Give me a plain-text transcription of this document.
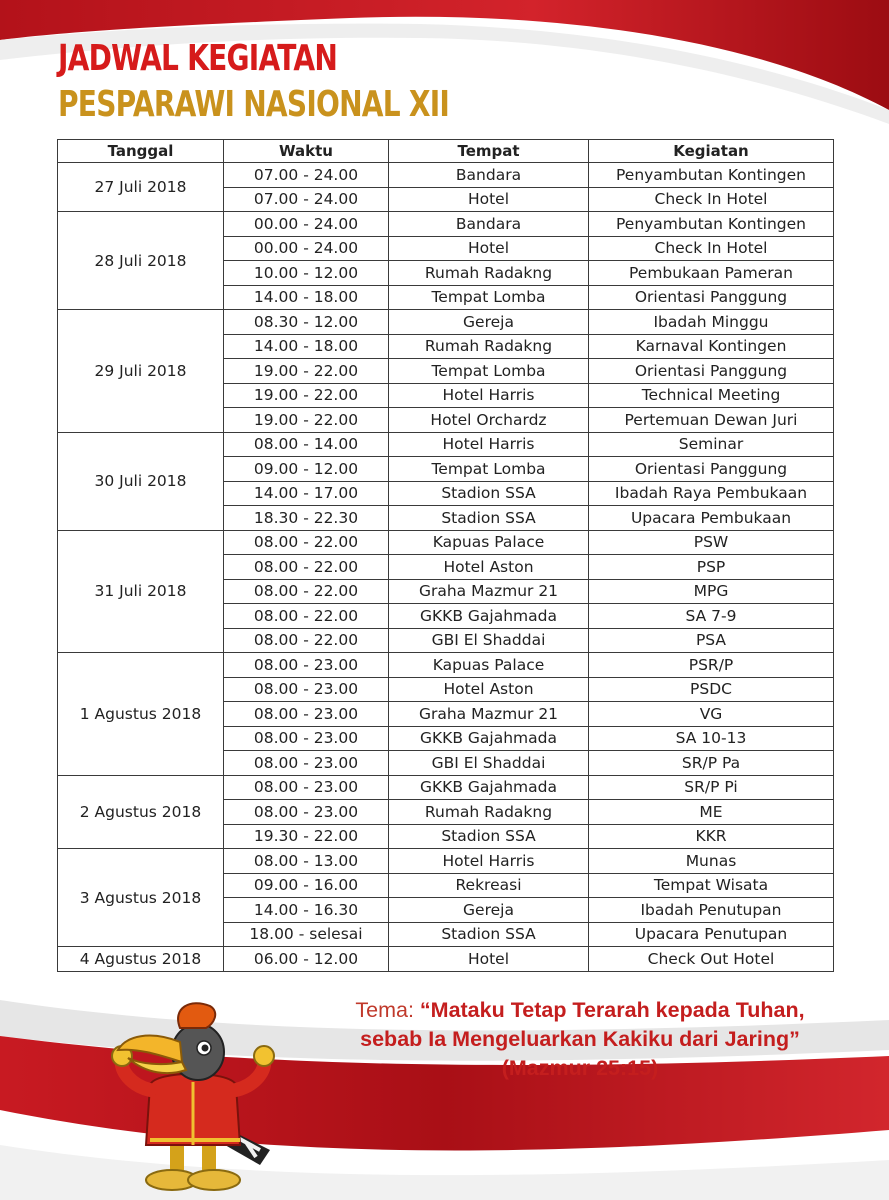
JADWAL KEGIATAN
PESPARAWI NASIONAL XII
Tanggal	Waktu	Tempat	Kegiatan
27 Juli 2018	07.00 - 24.00	Bandara	Penyambutan Kontingen
	07.00 - 24.00	Hotel	Check In Hotel
28 Juli 2018	00.00 - 24.00	Bandara	Penyambutan Kontingen
	00.00 - 24.00	Hotel	Check In Hotel
	10.00 - 12.00	Rumah Radakng	Pembukaan Pameran
	14.00 - 18.00	Tempat Lomba	Orientasi Panggung
29 Juli 2018	08.30 - 12.00	Gereja	Ibadah Minggu
	14.00 - 18.00	Rumah Radakng	Karnaval Kontingen
	19.00 - 22.00	Tempat Lomba	Orientasi Panggung
	19.00 - 22.00	Hotel Harris	Technical Meeting
	19.00 - 22.00	Hotel Orchardz	Pertemuan Dewan Juri
30 Juli 2018	08.00 - 14.00	Hotel Harris	Seminar
	09.00 - 12.00	Tempat Lomba	Orientasi Panggung
	14.00 - 17.00	Stadion SSA	Ibadah Raya Pembukaan
	18.30 - 22.30	Stadion SSA	Upacara Pembukaan
31 Juli 2018	08.00 - 22.00	Kapuas Palace	PSW
	08.00 - 22.00	Hotel Aston	PSP
	08.00 - 22.00	Graha Mazmur 21	MPG
	08.00 - 22.00	GKKB Gajahmada	SA 7-9
	08.00 - 22.00	GBI El Shaddai	PSA
1 Agustus 2018	08.00 - 23.00	Kapuas Palace	PSR/P
	08.00 - 23.00	Hotel Aston	PSDC
	08.00 - 23.00	Graha Mazmur 21	VG
	08.00 - 23.00	GKKB Gajahmada	SA 10-13
	08.00 - 23.00	GBI El Shaddai	SR/P Pa
2 Agustus 2018	08.00 - 23.00	GKKB Gajahmada	SR/P Pi
	08.00 - 23.00	Rumah Radakng	ME
	19.30 - 22.00	Stadion SSA	KKR
3 Agustus 2018	08.00 - 13.00	Hotel Harris	Munas
	09.00 - 16.00	Rekreasi	Tempat Wisata
	14.00 - 16.30	Gereja	Ibadah Penutupan
	18.00 - selesai	Stadion SSA	Upacara Penutupan
4 Agustus 2018	06.00 - 12.00	Hotel	Check Out Hotel
Tema: “Mataku Tetap Terarah kepada Tuhan,
sebab Ia Mengeluarkan Kakiku dari Jaring”
(Mazmur 25:15)
